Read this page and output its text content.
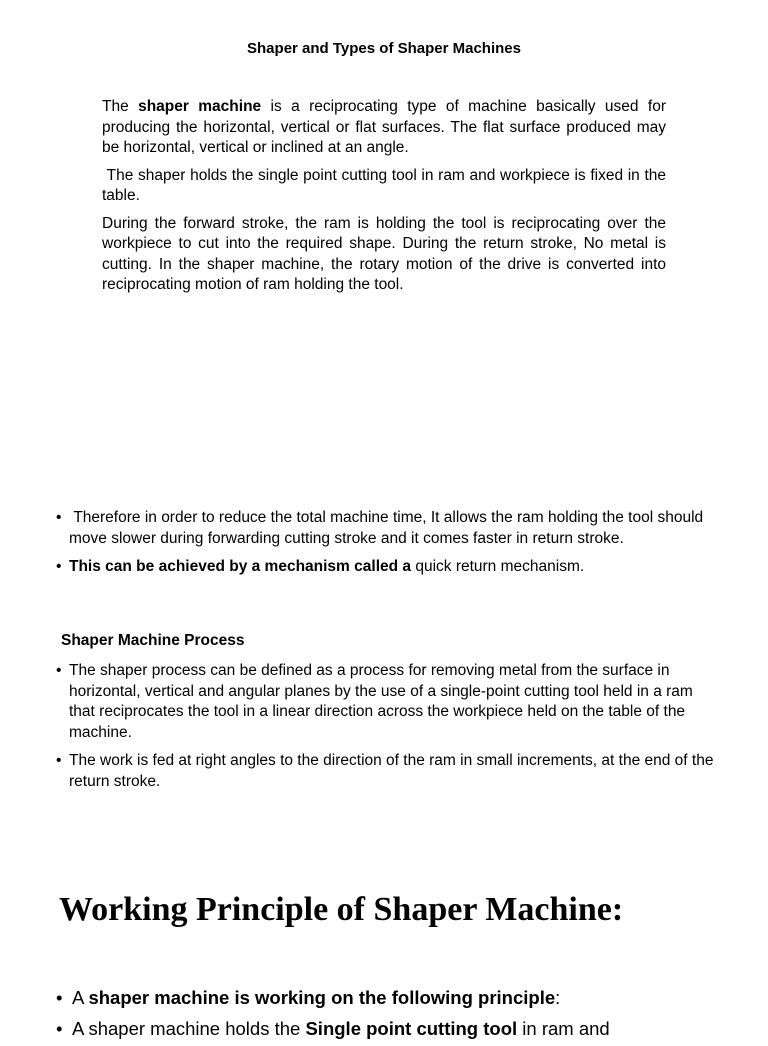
Shaper and Types of Shaper Machines

The shaper machine is a reciprocating type of machine basically used for producing the horizontal, vertical or flat surfaces. The flat surface produced may be horizontal, vertical or inclined at an angle.

The shaper holds the single point cutting tool in ram and workpiece is fixed in the table.

During the forward stroke, the ram is holding the tool is reciprocating over the workpiece to cut into the required shape. During the return stroke, No metal is cutting. In the shaper machine, the rotary motion of the drive is converted into reciprocating motion of ram holding the tool.

• Therefore in order to reduce the total machine time, It allows the ram holding the tool should move slower during forwarding cutting stroke and it comes faster in return stroke.
• This can be achieved by a mechanism called a quick return mechanism.
Shaper Machine Process
• The shaper process can be defined as a process for removing metal from the surface in horizontal, vertical and angular planes by the use of a single-point cutting tool held in a ram that reciprocates the tool in a linear direction across the workpiece held on the table of the machine.
• The work is fed at right angles to the direction of the ram in small increments, at the end of the return stroke.
Working Principle of Shaper Machine:
• A shaper machine is working on the following principle:
• A shaper machine holds the Single point cutting tool in ram and
